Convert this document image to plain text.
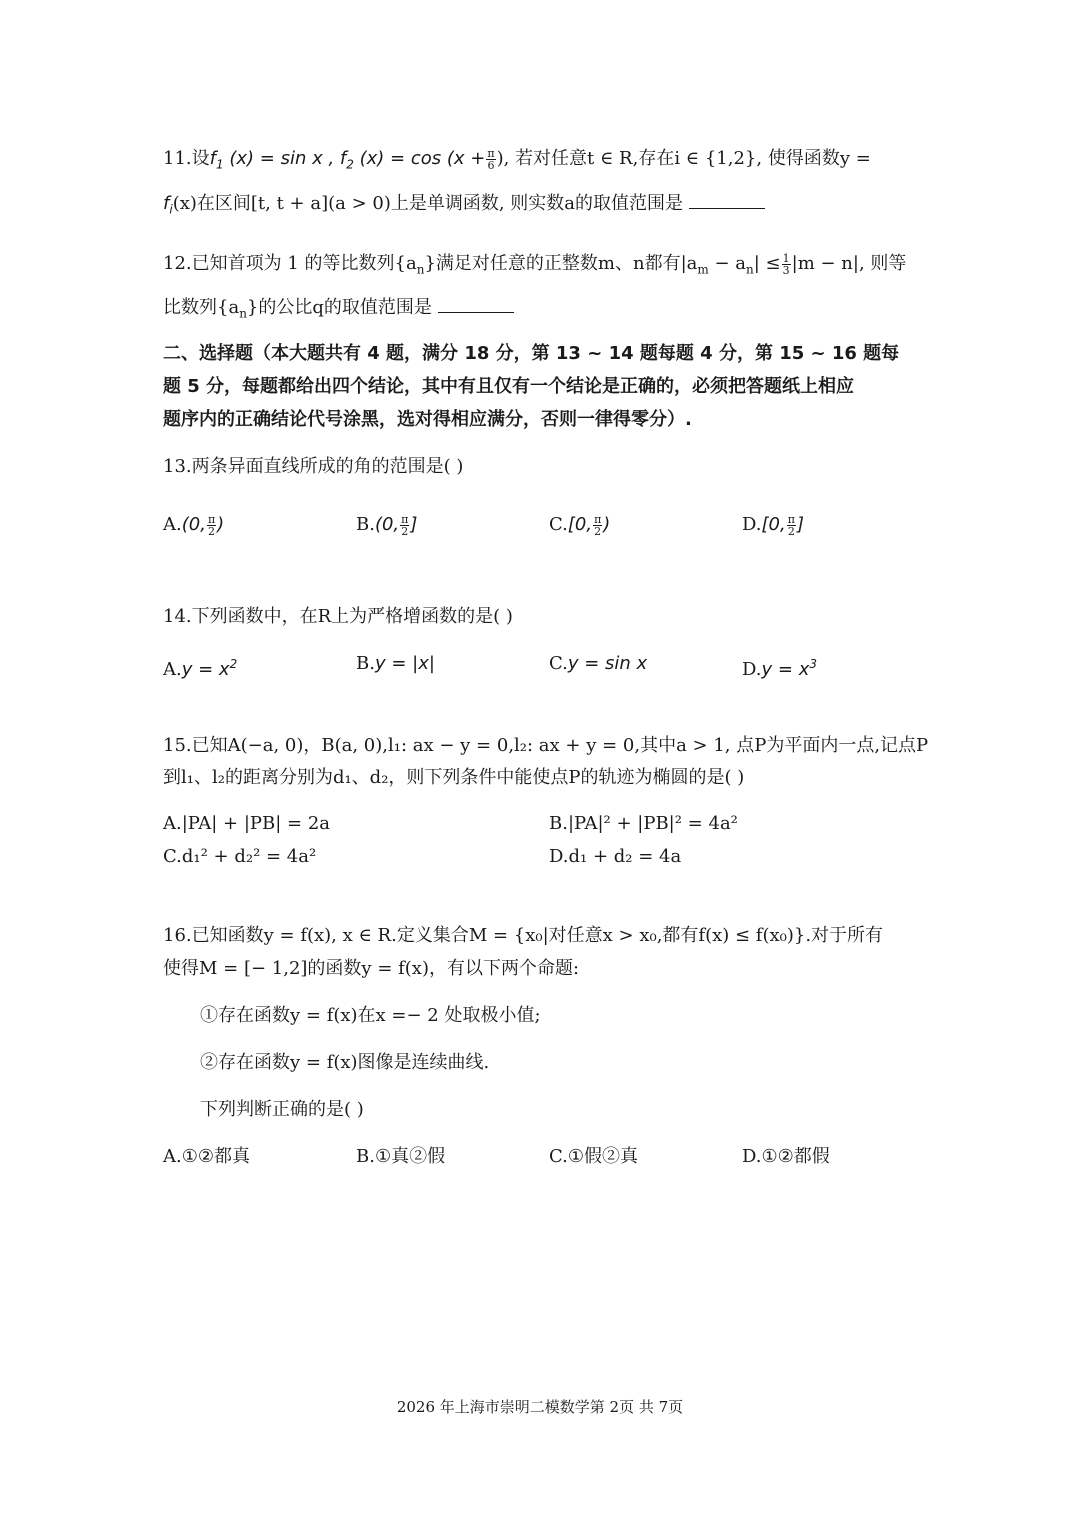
11.设$f_1$ (x) = sin x , $f_2$ $(x) = \cos (x + \frac{\pi}{6}$ ), 若对任意t ∈ R,存在i ∈ {1,2}, 使得函数y =
$f_i(x)$在区间[t, t + a](a > 0)上是单调函数, 则实数a的取值范围是
12.已知首项为 1 的等比数列$\{a_n\}$满足对任意的正整数m、n都有$|a_m - a_n| \le \frac{1}{3} |m - n|$, 则等
比数列$\{a_n\}$的公比q的取值范围是
二、选择题（本大题共有 4 题，满分 18 分，第 13 ~ 14 题每题 4 分，第 15 ~ 16 题每
题 5 分，每题都给出四个结论，其中有且仅有一个结论是正确的，必须把答题纸上相应
题序内的正确结论代号涂黑，选对得相应满分，否则一律得零分）.
13.两条异面直线所成的角的范围是( )
A.(0, $\frac{\pi}{2}$ )	B.(0, $\frac{\pi}{2}$ ]	C.[0, $\frac{\pi}{2}$ )	D.[0, $\frac{\pi}{2}$ ]
14.下列函数中，在R上为严格增函数的是( )
$A.y = x^2$	B.y = |x|	C.y = sin x	$D.y = x^3$
15.已知A(−a, 0)，B(a, 0),l₁: ax − y = 0,l₂: ax + y = 0,其中a > 1, 点P为平面内一点,记点P
到l₁、l₂的距离分别为d₁、d₂，则下列条件中能使点P的轨迹为椭圆的是( )
A.|PA| + |PB| = 2a	B.|PA|² + |PB|² = 4a²
C.d₁² + d₂² = 4a²	D.d₁ + d₂ = 4a
16.已知函数y = f(x), x ∈ R.定义集合M = {x₀|对任意x > x₀,都有f(x) ≤ f(x₀)}.对于所有
使得M = [− 1,2]的函数y = f(x)，有以下两个命题:
①存在函数y = f(x)在x =− 2 处取极小值;
②存在函数y = f(x)图像是连续曲线.
下列判断正确的是( )
A.①②都真	B.①真②假	C.①假②真	D.①②都假
2026 年上海市崇明二模数学第 2页 共 7页
